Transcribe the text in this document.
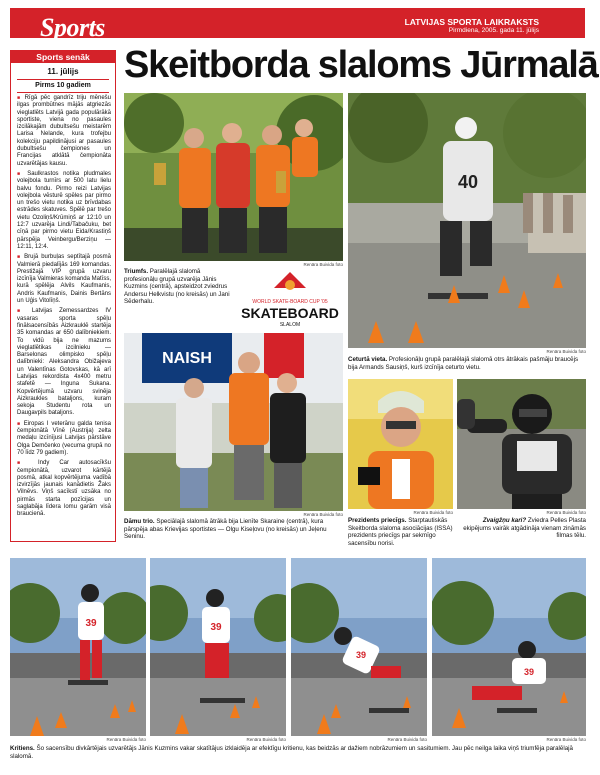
Sports	LATVIJAS SPORTA LAIKRAKSTS
Pirmdiena, 2005. gada 11. jūlijs
Sports senāk
11. jūlijs
Pirms 10 gadiem

■ Rīgā pēc gandrīz triju mēnešu ilgas prombūtnes mājās atgriezās vieglatlēts Latvijā gada populārākā sportiste, viena no pasaules izcilākajām dubultsešu meistarēm Larisa Nelande, kura trofejbu kolekciju papildinājusi ar pasaules dubultsešu čempiones un Francijas atklātā čempionāta uzvarētājas kausu.

■ Saulkrastos notika pludmales volejbola turnīrs ar 500 latu lielu balvu fondu. Pirmo reizi Latvijas volejbola vēsturē spēles par pirmo un trešo vietu notika uz brīvdabas estrādes skatuves. Spēlē par trešo vietu Ozoliņš/Krūmiņš ar 12:10 un 12:7 uzvarēja Lindi/Tabačuku, bet cīņā par pirmo vietu Eida/Krastiņš pārspēja Veinbergu/Berziņu — 12:11, 12:4.

■ Brujā burbuļas septītajā posmā Valmierā piedalījās 169 komandas. Prestižajā VIP grupā uzvaru izcīnīja Valmieras komanda Matīss, kurā spēlēja Alvils Kaufmanis, Andris Kaufmanis, Dainis Bertāns un Uģis Vitolīņš.

■ Latvijas Zemessardzes IV vasaras sporta spēļu finālsacensībās Aizkrauklē startēja 35 komandas ar 650 dalībniekiem. To vidū bija ne mazums vieglatlētikas izcilnieku — Barselonas olimpisko spēļu dalībnieki: Aleksandra Obižajeva un Valentīnas Gotovskas, kā arī Latvijas rekordista 4x400 metru stafetē — Inguna Sukana. Kopvērtējumā uzvaru svinēja Aizkraukles bataljons, kuram sekoja Studentu rota un Daugavpils bataljons.

■ Eiropas I veterānu galda tenisa čempionātā Vīnē (Austrija) zelta medaļu izcīnījusi Latvijas pārstāve Olga Demčenko (vecuma grupā no 70 līdz 79 gadiem).

■ Indy Car autosacīkšu čempionātā, uzvarot kārtējā posmā, atkal kopvērtējuma vadībā izvirzījās jaunais kanādietis Žaks Vilnēvs. Viņš sacīkstī uzsāka no pirmās starta pozīcijas un saglabāja līdera lomu garām visā braucienā.

Skeitborda slaloms Jūrmalā
Renāra Buivida foto
Triumfs. Paralēlajā slalomā profesionāļu grupā uzvarēja Jānis Kuzmins (centrā), apsteidzot zviedrus Andersu Helkvistu (no kreisās) un Jani Sēderhalu.	WORLD SKATE-BOARD CUP '05
SKATEBOARD
SLALOM
40
Renāra Buivida foto
Ceturtā vieta. Profesionāļu grupā paralēlajā slalomā otrs ātrākais pašmāju braucējs bija Armands Sausiņš, kurš izcīnīja ceturto vietu.
NAISH
Renāra Buivida foto
Dāmu trio. Speciālajā slalomā ātrākā bija Lienīte Skaraine (centrā), kura pārspēja abas Krievijas sportistes — Olgu Kiseļovu (no kreisās) un Jeļenu Seninu.
Renāra Buivida foto
Prezidents priecīgs. Starptautiskās Skeitborda slaloma asociācijas (ISSA) prezidents priecīgs par sekmīgo sacensību norisi.
Renāra Buivida foto
Zvaigžņu kari? Zviedra Pelles Plasta ekipējums vairāk atgādināja vienam zināmās filmas tēlu.
39
Renāra Buivida foto
39
Renāra Buivida foto
39
Renāra Buivida foto
39
Renāra Buivida foto
Kritiens. Šo sacensību divkārtējais uzvarētājs Jānis Kuzmins vakar skatītājus izklaidēja ar efektīgu kritienu, kas beidzās ar dažiem nobrāzumiem un sasitumiem. Jau pēc neilga laika viņš triumfēja paralēlajā slalomā.
